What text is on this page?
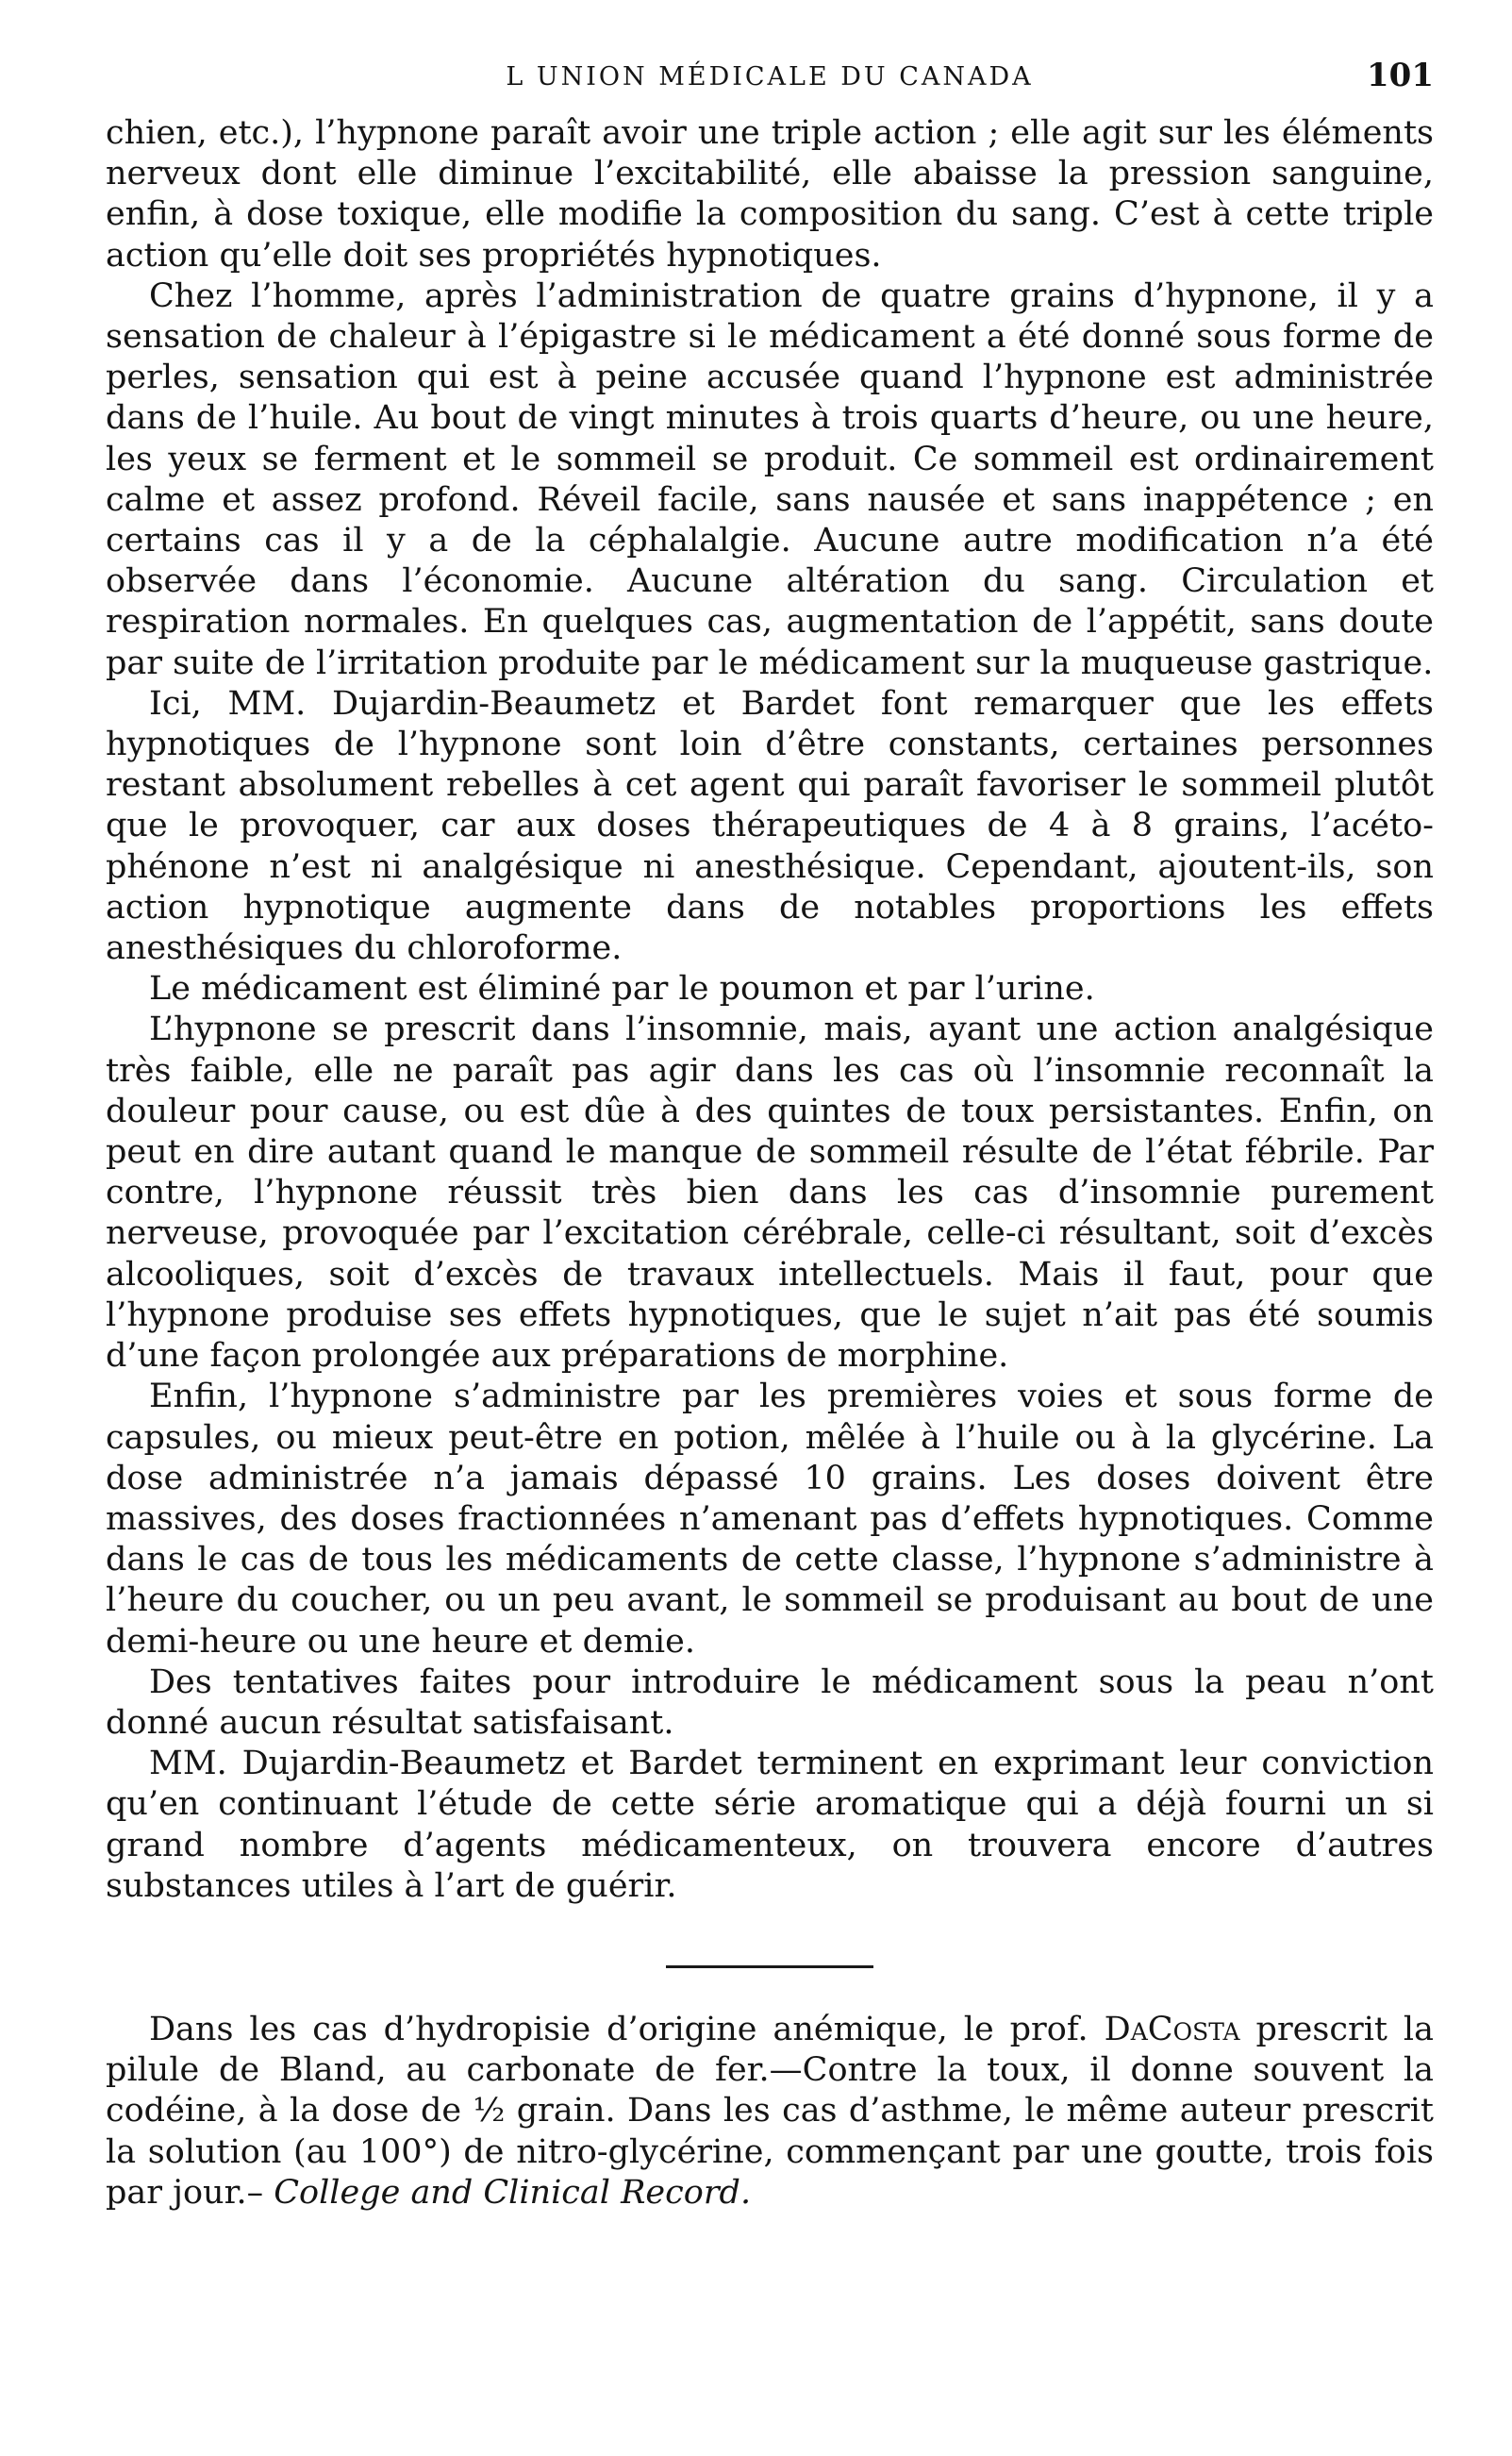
L UNION MÉDICALE DU CANADA	101

chien, etc.), l’hypnone paraît avoir une triple action ; elle agit sur les éléments nerveux dont elle diminue l’excitabilité, elle abaisse la pression sanguine, enfin, à dose toxique, elle modifie la composition du sang. C’est à cette triple action qu’elle doit ses propriétés hypnotiques.

Chez l’homme, après l’administration de quatre grains d’hypnone, il y a sensation de chaleur à l’épigastre si le médicament a été donné sous forme de perles, sensation qui est à peine accusée quand l’hypnone est administrée dans de l’huile. Au bout de vingt minutes à trois quarts d’heure, ou une heure, les yeux se ferment et le sommeil se produit. Ce sommeil est ordinairement calme et assez profond. Réveil facile, sans nausée et sans inappétence ; en certains cas il y a de la céphalalgie. Aucune autre modification n’a été observée dans l’économie. Aucune altération du sang. Circulation et respiration normales. En quelques cas, augmentation de l’appétit, sans doute par suite de l’irritation produite par le médicament sur la muqueuse gastrique.

Ici, MM. Dujardin-Beaumetz et Bardet font remarquer que les effets hypnotiques de l’hypnone sont loin d’être constants, certaines personnes restant absolument rebelles à cet agent qui paraît favoriser le sommeil plutôt que le provoquer, car aux doses thérapeutiques de 4 à 8 grains, l’acéto-phénone n’est ni analgésique ni anesthésique. Cependant, ajoutent-ils, son action hypnotique augmente dans de notables proportions les effets anesthésiques du chloroforme.

Le médicament est éliminé par le poumon et par l’urine.

L’hypnone se prescrit dans l’insomnie, mais, ayant une action analgésique très faible, elle ne paraît pas agir dans les cas où l’insomnie reconnaît la douleur pour cause, ou est dûe à des quintes de toux persistantes. Enfin, on peut en dire autant quand le manque de sommeil résulte de l’état fébrile. Par contre, l’hypnone réussit très bien dans les cas d’insomnie purement nerveuse, provoquée par l’excitation cérébrale, celle-ci résultant, soit d’excès alcooliques, soit d’excès de travaux intellectuels. Mais il faut, pour que l’hypnone produise ses effets hypnotiques, que le sujet n’ait pas été soumis d’une façon prolongée aux préparations de morphine.

Enfin, l’hypnone s’administre par les premières voies et sous forme de capsules, ou mieux peut-être en potion, mêlée à l’huile ou à la glycérine. La dose administrée n’a jamais dépassé 10 grains. Les doses doivent être massives, des doses fractionnées n’amenant pas d’effets hypnotiques. Comme dans le cas de tous les médicaments de cette classe, l’hypnone s’administre à l’heure du coucher, ou un peu avant, le sommeil se produisant au bout de une demi-heure ou une heure et demie.

Des tentatives faites pour introduire le médicament sous la peau n’ont donné aucun résultat satisfaisant.

MM. Dujardin-Beaumetz et Bardet terminent en exprimant leur conviction qu’en continuant l’étude de cette série aromatique qui a déjà fourni un si grand nombre d’agents médicamenteux, on trouvera encore d’autres substances utiles à l’art de guérir.

Dans les cas d’hydropisie d’origine anémique, le prof. DaCosta prescrit la pilule de Bland, au carbonate de fer.—Contre la toux, il donne souvent la codéine, à la dose de ½ grain. Dans les cas d’asthme, le même auteur prescrit la solution (au 100°) de nitro-glycérine, commençant par une goutte, trois fois par jour.– College and Clinical Record.
